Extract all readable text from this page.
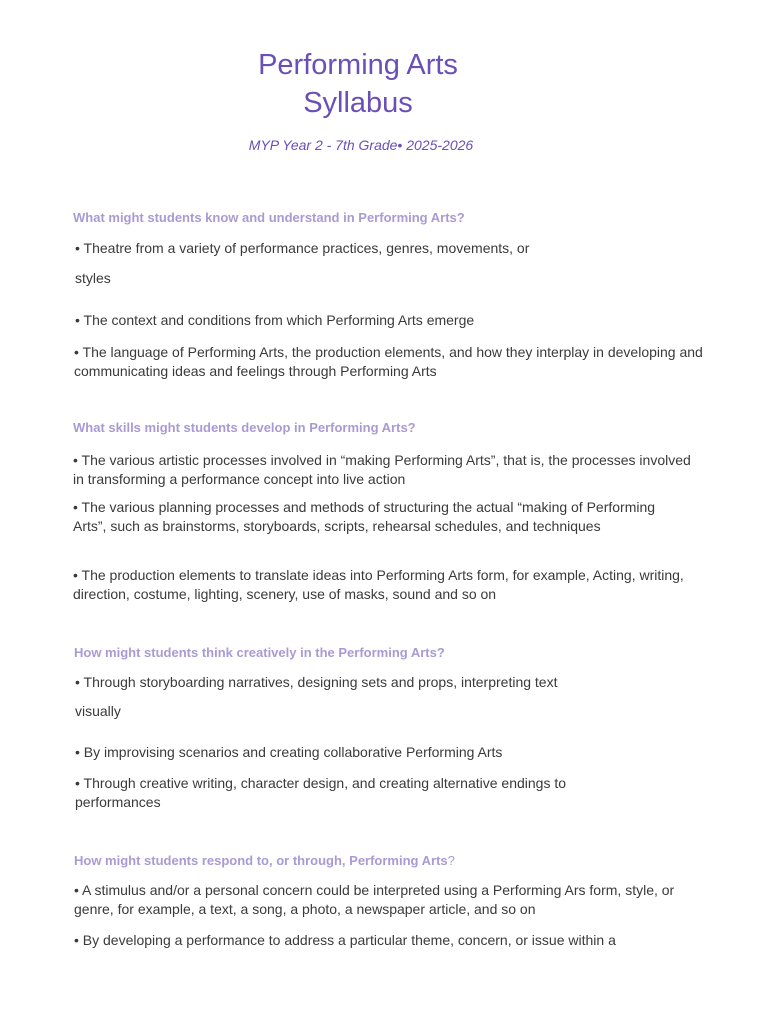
Performing Arts
Syllabus
MYP Year 2 - 7th Grade• 2025-2026
What might students know and understand in Performing Arts?

• Theatre from a variety of performance practices, genres, movements, or

styles

• The context and conditions from which Performing Arts emerge

• The language of Performing Arts, the production elements, and how they interplay in developing and communicating ideas and feelings through Performing Arts

What skills might students develop in Performing Arts?

• The various artistic processes involved in “making Performing Arts”, that is, the processes involved in transforming a performance concept into live action

• The various planning processes and methods of structuring the actual “making of Performing Arts”, such as brainstorms, storyboards, scripts, rehearsal schedules, and techniques

• The production elements to translate ideas into Performing Arts form, for example, Acting, writing, direction, costume, lighting, scenery, use of masks, sound and so on

How might students think creatively in the Performing Arts?

• Through storyboarding narratives, designing sets and props, interpreting text

visually

• By improvising scenarios and creating collaborative Performing Arts

• Through creative writing, character design, and creating alternative endings to performances

How might students respond to, or through, Performing Arts?

• A stimulus and/or a personal concern could be interpreted using a Performing Ars form, style, or genre, for example, a text, a song, a photo, a newspaper article, and so on

• By developing a performance to address a particular theme, concern, or issue within a
